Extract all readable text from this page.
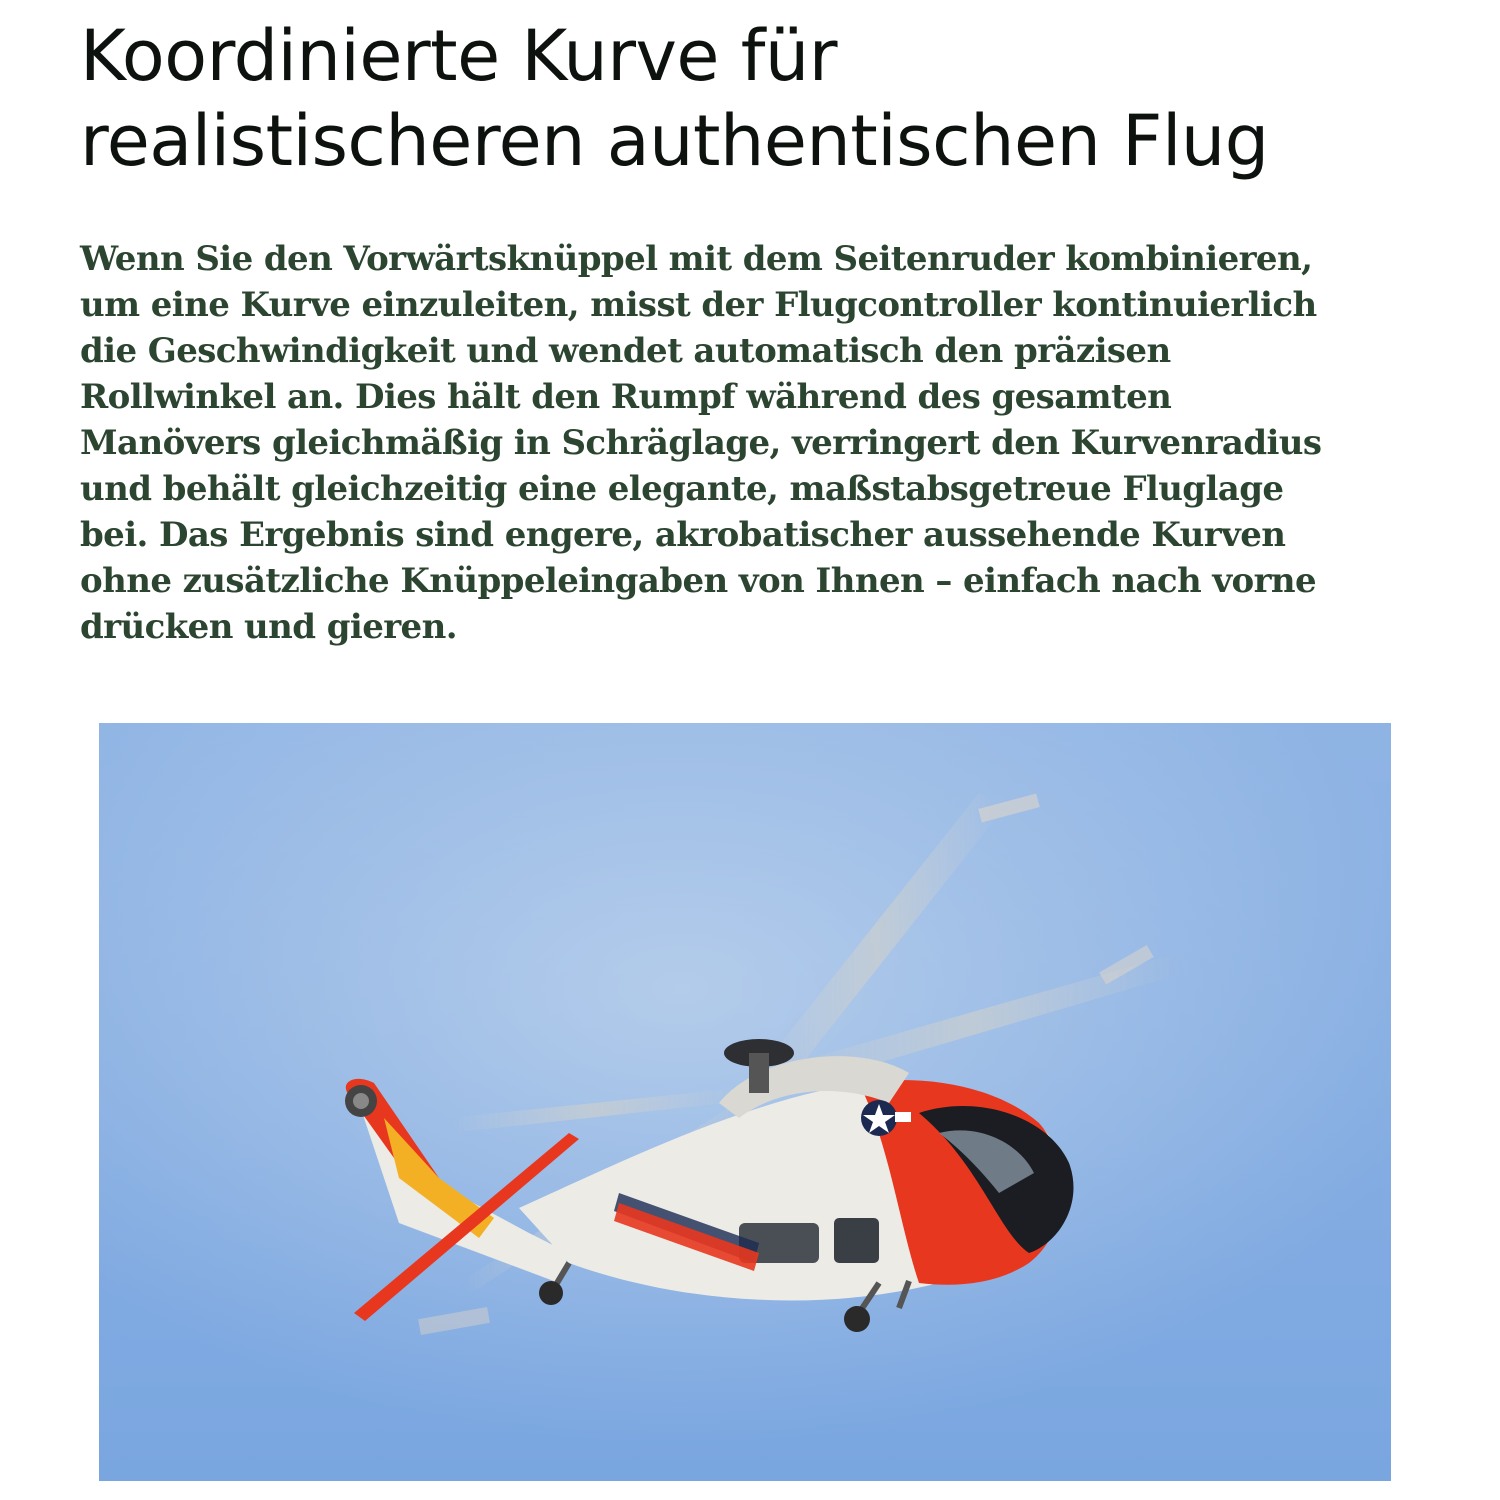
Koordinierte Kurve für
realistischeren authentischen Flug

Wenn Sie den Vorwärtsknüppel mit dem Seitenruder kombinieren,
um eine Kurve einzuleiten, misst der Flugcontroller kontinuierlich
die Geschwindigkeit und wendet automatisch den präzisen
Rollwinkel an. Dies hält den Rumpf während des gesamten
Manövers gleichmäßig in Schräglage, verringert den Kurvenradius
und behält gleichzeitig eine elegante, maßstabsgetreue Fluglage
bei. Das Ergebnis sind engere, akrobatischer aussehende Kurven
ohne zusätzliche Knüppeleingaben von Ihnen – einfach nach vorne
drücken und gieren.
